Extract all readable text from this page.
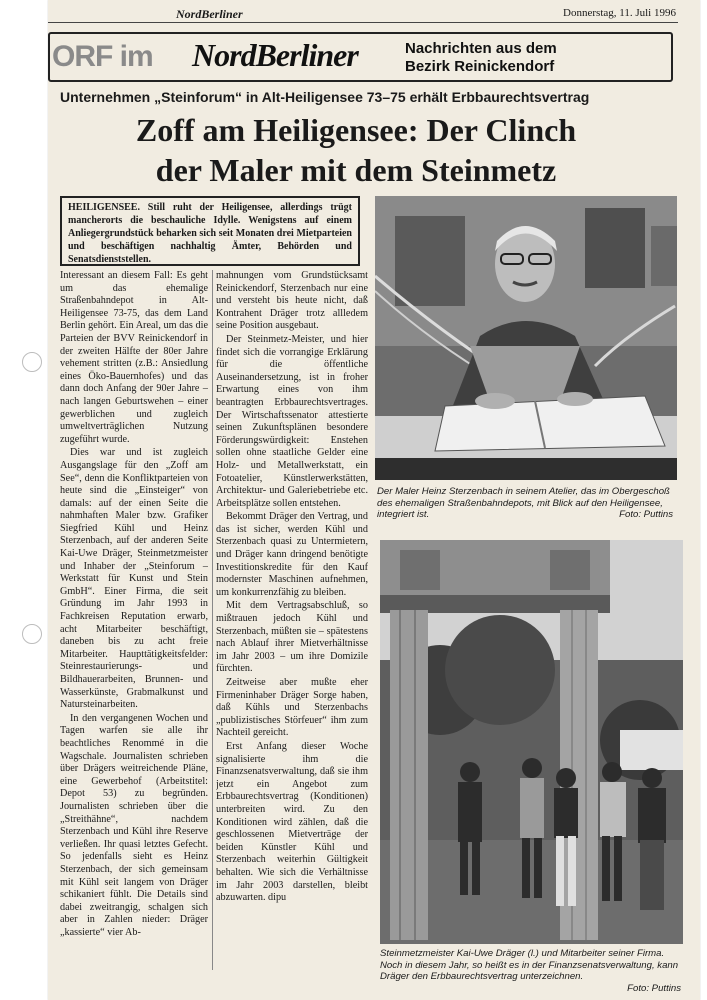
NordBerliner	Donnerstag, 11. Juli 1996
ORF im NordBerliner	Nachrichten aus dem
Bezirk Reinickendorf
Unternehmen „Steinforum“ in Alt-Heiligensee 73–75 erhält Erbbaurechtsvertrag
Zoff am Heiligensee: Der Clinch
der Maler mit dem Steinmetz
HEILIGENSEE. Still ruht der Heiligensee, allerdings trügt mancherorts die beschauliche Idylle. Wenigstens auf einem Anliegergrundstück beharken sich seit Monaten drei Mietparteien und beschäftigen nachhaltig Ämter, Behörden und Senatsdienststellen.

Interessant an diesem Fall: Es geht um das ehemalige Straßenbahndepot in Alt-Heiligensee 73-75, das dem Land Berlin gehört. Ein Areal, um das die Parteien der BVV Reinickendorf in der zweiten Hälfte der 80er Jahre vehement stritten (z.B.: Ansiedlung eines Öko-Bauernhofes) und das dann doch Anfang der 90er Jahre – nach langen Geburtswehen – einer gewerblichen und zugleich umweltverträglichen Nutzung zugeführt wurde.

Dies war und ist zugleich Ausgangslage für den „Zoff am See“, denn die Konfliktparteien von heute sind die „Einsteiger“ von damals: auf der einen Seite die nahmhaften Maler bzw. Grafiker Siegfried Kühl und Heinz Sterzenbach, auf der anderen Seite Kai-Uwe Dräger, Steinmetzmeister und Inhaber der „Steinforum – Werkstatt für Kunst und Stein GmbH“. Einer Firma, die seit Gründung im Jahr 1993 in Fachkreisen Reputation erwarb, acht Mitarbeiter beschäftigt, daneben bis zu acht freie Mitarbeiter. Haupttätigkeitsfelder: Steinrestaurierungs- und Bildhauerarbeiten, Brunnen- und Wasserkünste, Grabmalkunst und Natursteinarbeiten.

In den vergangenen Wochen und Tagen warfen sie alle ihr beachtliches Renommé in die Wagschale. Journalisten schrieben über Drägers weitreichende Pläne, eine Gewerbehof (Arbeitstitel: Depot 53) zu begründen. Journalisten schrieben über die „Streithähne“, nachdem Sterzenbach und Kühl ihre Reserve verließen. Ihr quasi letztes Gefecht. So jedenfalls sieht es Heinz Sterzenbach, der sich gemeinsam mit Kühl seit langem von Dräger schikaniert fühlt. Die Details sind dabei zweitrangig, schalgen sich aber in Zahlen nieder: Dräger „kassierte“ vier Ab-

mahnungen vom Grundstücksamt Reinickendorf, Sterzenbach nur eine und versteht bis heute nicht, daß Kontrahent Dräger trotz allledem seine Position ausgebaut.

Der Steinmetz-Meister, und hier findet sich die vorrangige Erklärung für die öffentliche Auseinandersetzung, ist in froher Erwartung eines von ihm beantragten Erbbaurechtsvertrages. Der Wirtschaftssenator attestierte seinen Zukunftsplänen besondere Förderungswürdigkeit: Enstehen sollen ohne staatliche Gelder eine Holz- und Metallwerkstatt, ein Fotoatelier, Künstlerwerkstätten, Architektur- und Galeriebetriebe etc. Arbeitsplätze sollen entstehen.

Bekommt Dräger den Vertrag, und das ist sicher, werden Kühl und Sterzenbach quasi zu Untermietern, und Dräger kann dringend benötigte Investitionskredite für den Kauf modernster Maschinen aufnehmen, um konkurrenzfähig zu bleiben.

Mit dem Vertragsabschluß, so mißtrauen jedoch Kühl und Sterzenbach, müßten sie – spätestens nach Ablauf ihrer Mietverhältnisse im Jahr 2003 – um ihre Domizile fürchten.

Zeitweise aber mußte eher Firmeninhaber Dräger Sorge haben, daß Kühls und Sterzenbachs „publizistisches Störfeuer“ ihm zum Nachteil gereicht.

Erst Anfang dieser Woche signalisierte ihm die Finanzsenatsverwaltung, daß sie ihm jetzt ein Angebot zum Erbbaurechtsvertrag (Konditionen) unterbreiten wird. Zu den Konditionen wird zählen, daß die geschlossenen Mietverträge der beiden Künstler Kühl und Sterzenbach weiterhin Gültigkeit behalten. Wie sich die Verhältnisse im Jahr 2003 darstellen, bleibt abzuwarten. dipu

Der Maler Heinz Sterzenbach in seinem Atelier, das im Obergeschoß des ehemaligen Straßenbahndepots, mit Blick auf den Heiligensee, integriert ist.	Foto: Puttins
Steinmetzmeister Kai-Uwe Dräger (l.) und Mitarbeiter seiner Firma. Noch in diesem Jahr, so heißt es in der Finanzsenatsverwaltung, kann Dräger den Erbbaurechtsvertrag unterzeichnen.
Foto: Puttins
